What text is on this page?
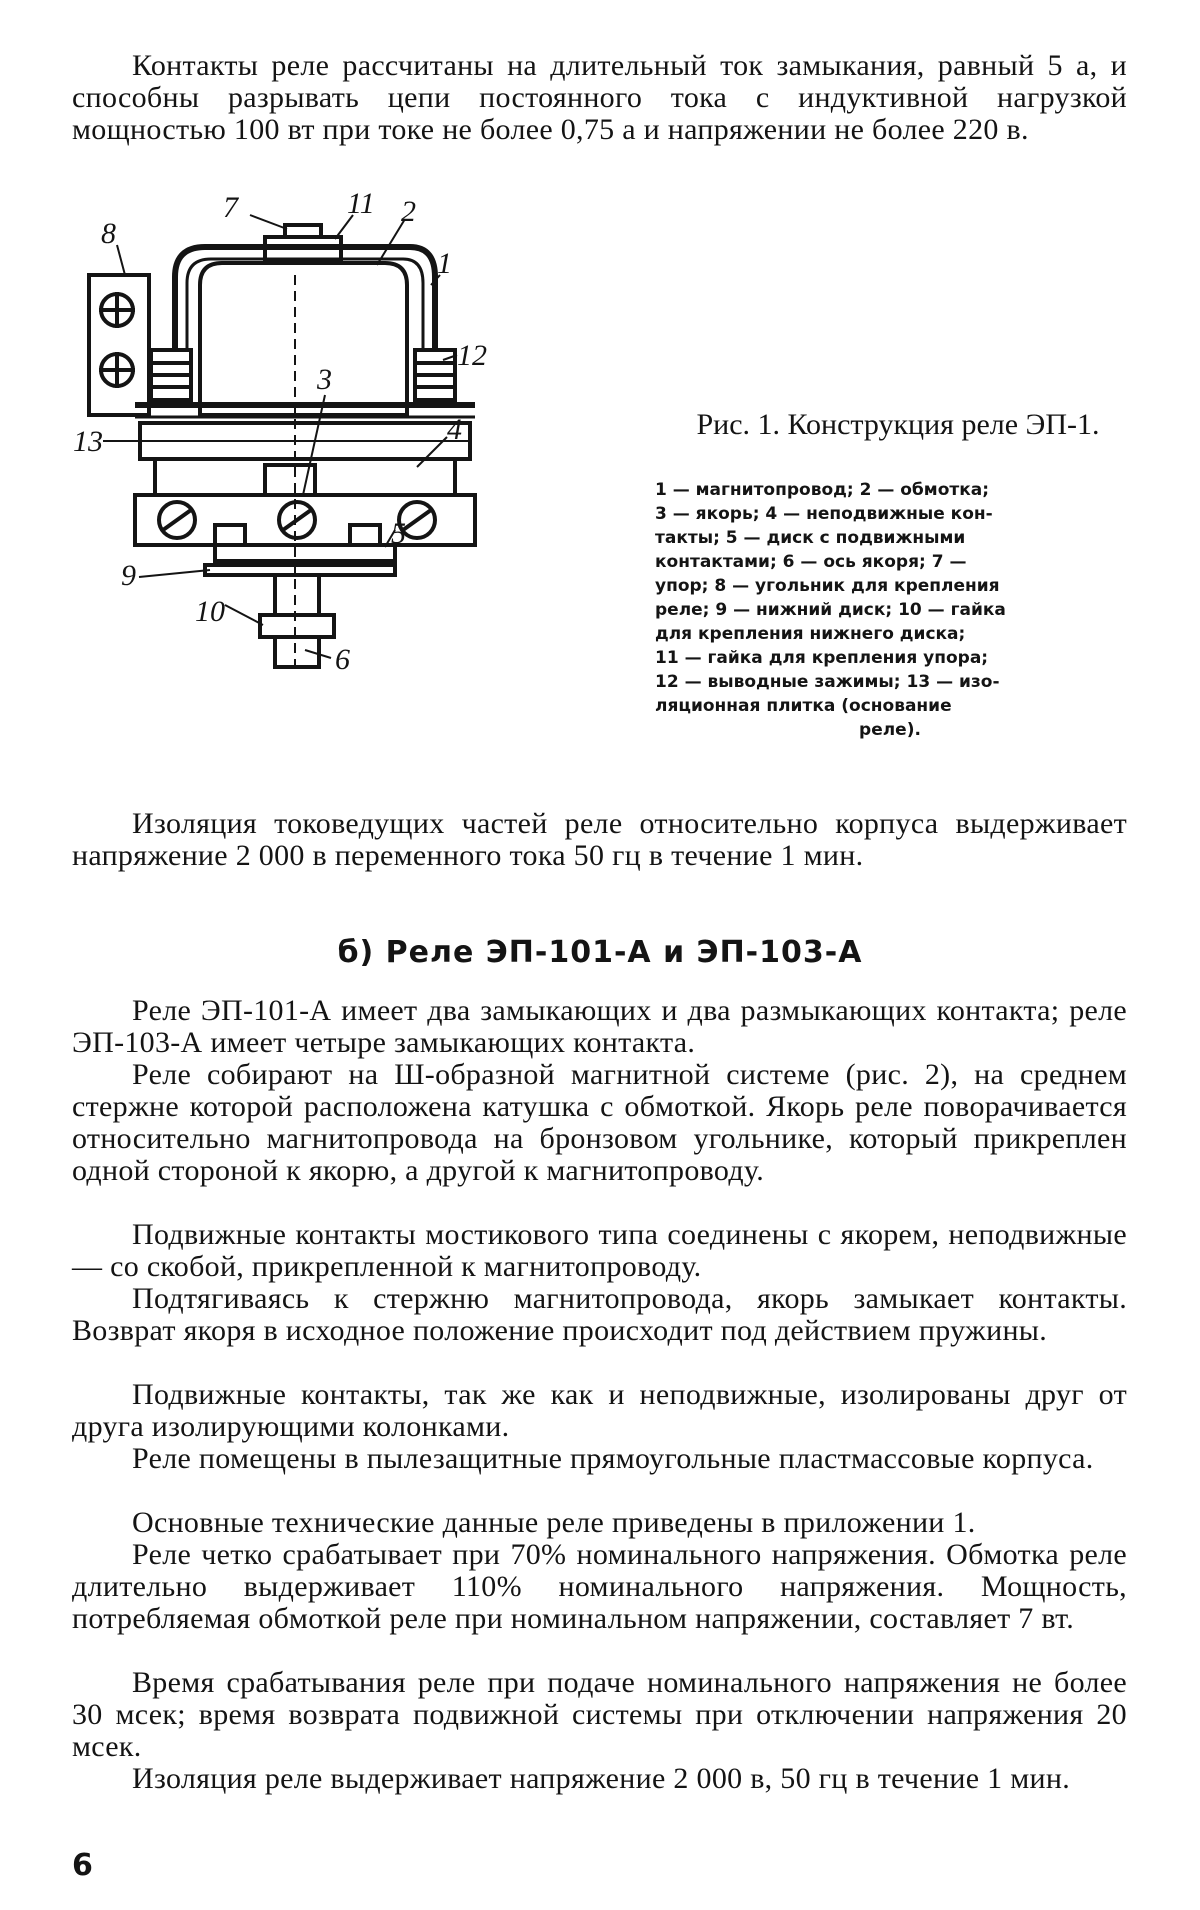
Контакты реле рассчитаны на длительный ток замыкания, равный 5 а, и способны разрывать цепи постоянного тока с индуктивной нагрузкой мощностью 100 вт при токе не более 0,75 а и напряжении не более 220 в.

7	11 2
1
8
12
3
13	4
5
9
10
6

Рис. 1. Конструкция реле ЭП-1.

1 — магнитопровод; 2 — обмотка;
3 — якорь; 4 — неподвижные кон-
такты; 5 — диск с подвижными
контактами; 6 — ось якоря; 7 —
упор; 8 — угольник для крепления
реле; 9 — нижний диск; 10 — гайка
для крепления нижнего диска;
11 — гайка для крепления упора;
12 — выводные зажимы; 13 — изо-
ляционная плитка (основание
реле).

Изоляция токоведущих частей реле относительно корпуса выдерживает напряжение 2 000 в переменного тока 50 гц в течение 1 мин.

б) Реле ЭП-101-А и ЭП-103-А

Реле ЭП-101-А имеет два замыкающих и два размыкающих контакта; реле ЭП-103-А имеет четыре замыкающих контакта.

Реле собирают на Ш-образной магнитной системе (рис. 2), на среднем стержне которой расположена катушка с обмоткой. Якорь реле поворачивается относительно магнитопровода на бронзовом угольнике, который прикреплен одной стороной к якорю, а другой к магнитопроводу.

Подвижные контакты мостикового типа соединены с якорем, неподвижные — со скобой, прикрепленной к магнитопроводу.

Подтягиваясь к стержню магнитопровода, якорь замыкает контакты. Возврат якоря в исходное положение происходит под действием пружины.

Подвижные контакты, так же как и неподвижные, изолированы друг от друга изолирующими колонками.

Реле помещены в пылезащитные прямоугольные пластмассовые корпуса.

Основные технические данные реле приведены в приложении 1.

Реле четко срабатывает при 70% номинального напряжения. Обмотка реле длительно выдерживает 110% номинального напряжения. Мощность, потребляемая обмоткой реле при номинальном напряжении, составляет 7 вт.

Время срабатывания реле при подаче номинального напряжения не более 30 мсек; время возврата подвижной системы при отключении напряжения 20 мсек.

Изоляция реле выдерживает напряжение 2 000 в, 50 гц в течение 1 мин.

6
